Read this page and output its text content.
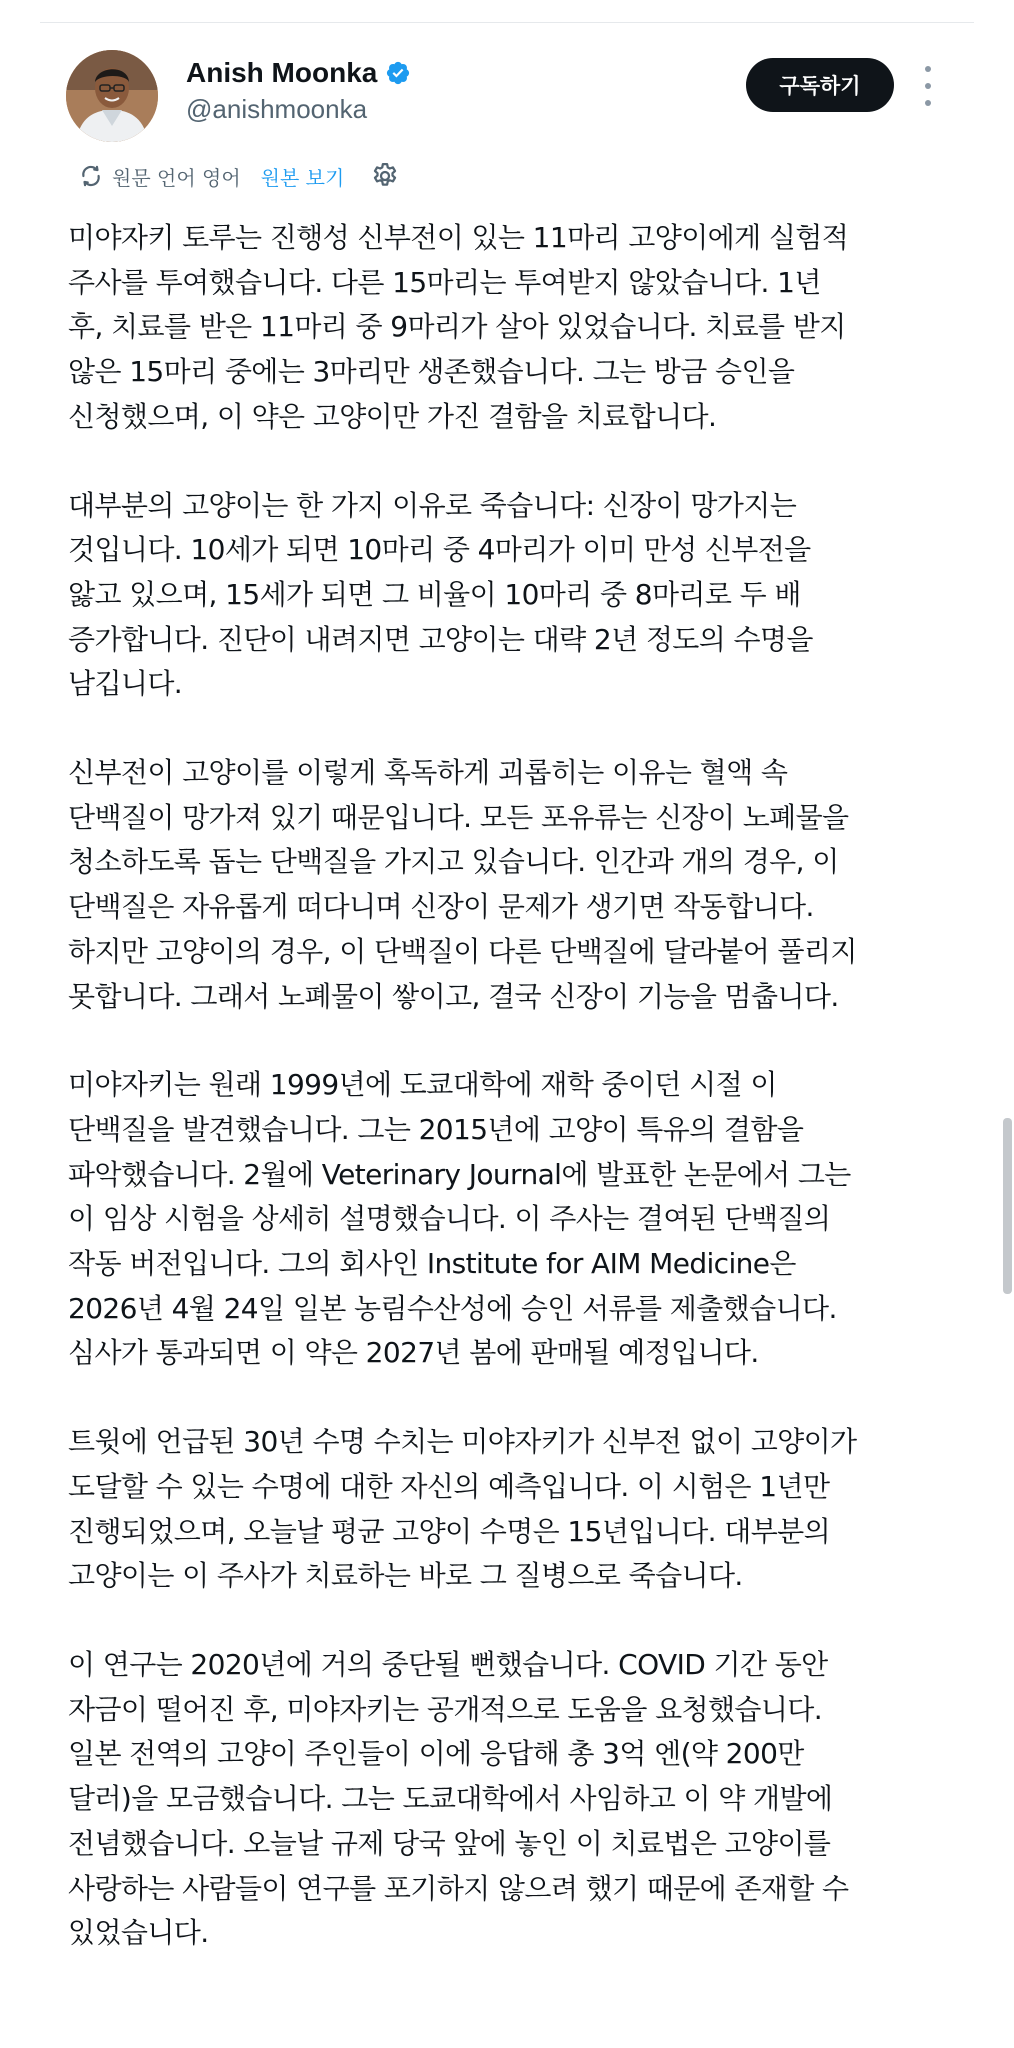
Anish Moonka
@anishmoonka
구독하기
원문 언어 영어 원본 보기
미야자키 토루는 진행성 신부전이 있는 11마리 고양이에게 실험적
주사를 투여했습니다. 다른 15마리는 투여받지 않았습니다. 1년
후, 치료를 받은 11마리 중 9마리가 살아 있었습니다. 치료를 받지
않은 15마리 중에는 3마리만 생존했습니다. 그는 방금 승인을
신청했으며, 이 약은 고양이만 가진 결함을 치료합니다.
대부분의 고양이는 한 가지 이유로 죽습니다: 신장이 망가지는
것입니다. 10세가 되면 10마리 중 4마리가 이미 만성 신부전을
앓고 있으며, 15세가 되면 그 비율이 10마리 중 8마리로 두 배
증가합니다. 진단이 내려지면 고양이는 대략 2년 정도의 수명을
남깁니다.
신부전이 고양이를 이렇게 혹독하게 괴롭히는 이유는 혈액 속
단백질이 망가져 있기 때문입니다. 모든 포유류는 신장이 노폐물을
청소하도록 돕는 단백질을 가지고 있습니다. 인간과 개의 경우, 이
단백질은 자유롭게 떠다니며 신장이 문제가 생기면 작동합니다.
하지만 고양이의 경우, 이 단백질이 다른 단백질에 달라붙어 풀리지
못합니다. 그래서 노폐물이 쌓이고, 결국 신장이 기능을 멈춥니다.
미야자키는 원래 1999년에 도쿄대학에 재학 중이던 시절 이
단백질을 발견했습니다. 그는 2015년에 고양이 특유의 결함을
파악했습니다. 2월에 Veterinary Journal에 발표한 논문에서 그는
이 임상 시험을 상세히 설명했습니다. 이 주사는 결여된 단백질의
작동 버전입니다. 그의 회사인 Institute for AIM Medicine은
2026년 4월 24일 일본 농림수산성에 승인 서류를 제출했습니다.
심사가 통과되면 이 약은 2027년 봄에 판매될 예정입니다.
트윗에 언급된 30년 수명 수치는 미야자키가 신부전 없이 고양이가
도달할 수 있는 수명에 대한 자신의 예측입니다. 이 시험은 1년만
진행되었으며, 오늘날 평균 고양이 수명은 15년입니다. 대부분의
고양이는 이 주사가 치료하는 바로 그 질병으로 죽습니다.
이 연구는 2020년에 거의 중단될 뻔했습니다. COVID 기간 동안
자금이 떨어진 후, 미야자키는 공개적으로 도움을 요청했습니다.
일본 전역의 고양이 주인들이 이에 응답해 총 3억 엔(약 200만
달러)을 모금했습니다. 그는 도쿄대학에서 사임하고 이 약 개발에
전념했습니다. 오늘날 규제 당국 앞에 놓인 이 치료법은 고양이를
사랑하는 사람들이 연구를 포기하지 않으려 했기 때문에 존재할 수
있었습니다.
